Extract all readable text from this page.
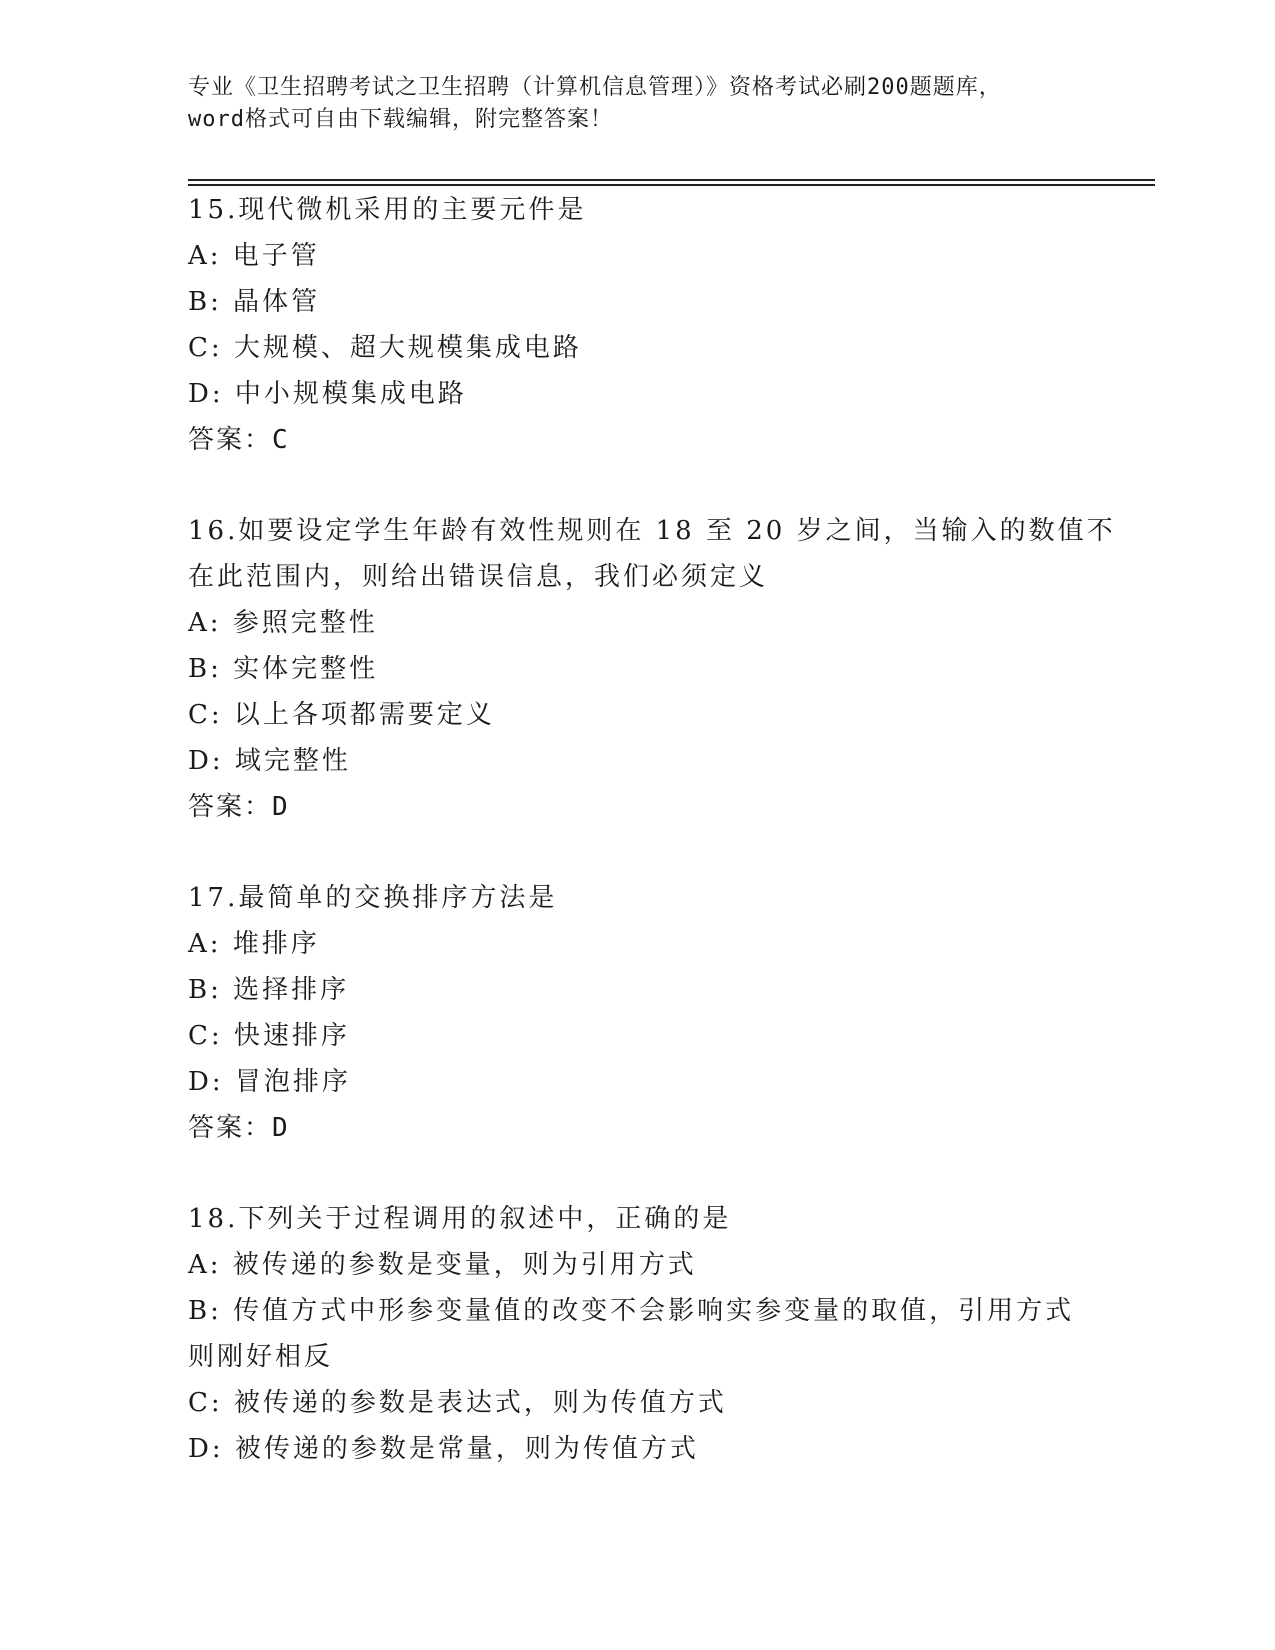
专业《卫生招聘考试之卫生招聘（计算机信息管理）》资格考试必刷200题题库，
word格式可自由下载编辑，附完整答案！
15.现代微机采用的主要元件是
A: 电子管
B: 晶体管
C: 大规模、超大规模集成电路
D: 中小规模集成电路
答案：C
16.如要设定学生年龄有效性规则在 18 至 20 岁之间，当输入的数值不
在此范围内，则给出错误信息，我们必须定义
A: 参照完整性
B: 实体完整性
C: 以上各项都需要定义
D: 域完整性
答案：D
17.最简单的交换排序方法是
A: 堆排序
B: 选择排序
C: 快速排序
D: 冒泡排序
答案：D
18.下列关于过程调用的叙述中，正确的是
A: 被传递的参数是变量，则为引用方式
B: 传值方式中形参变量值的改变不会影响实参变量的取值，引用方式
则刚好相反
C: 被传递的参数是表达式，则为传值方式
D: 被传递的参数是常量，则为传值方式
